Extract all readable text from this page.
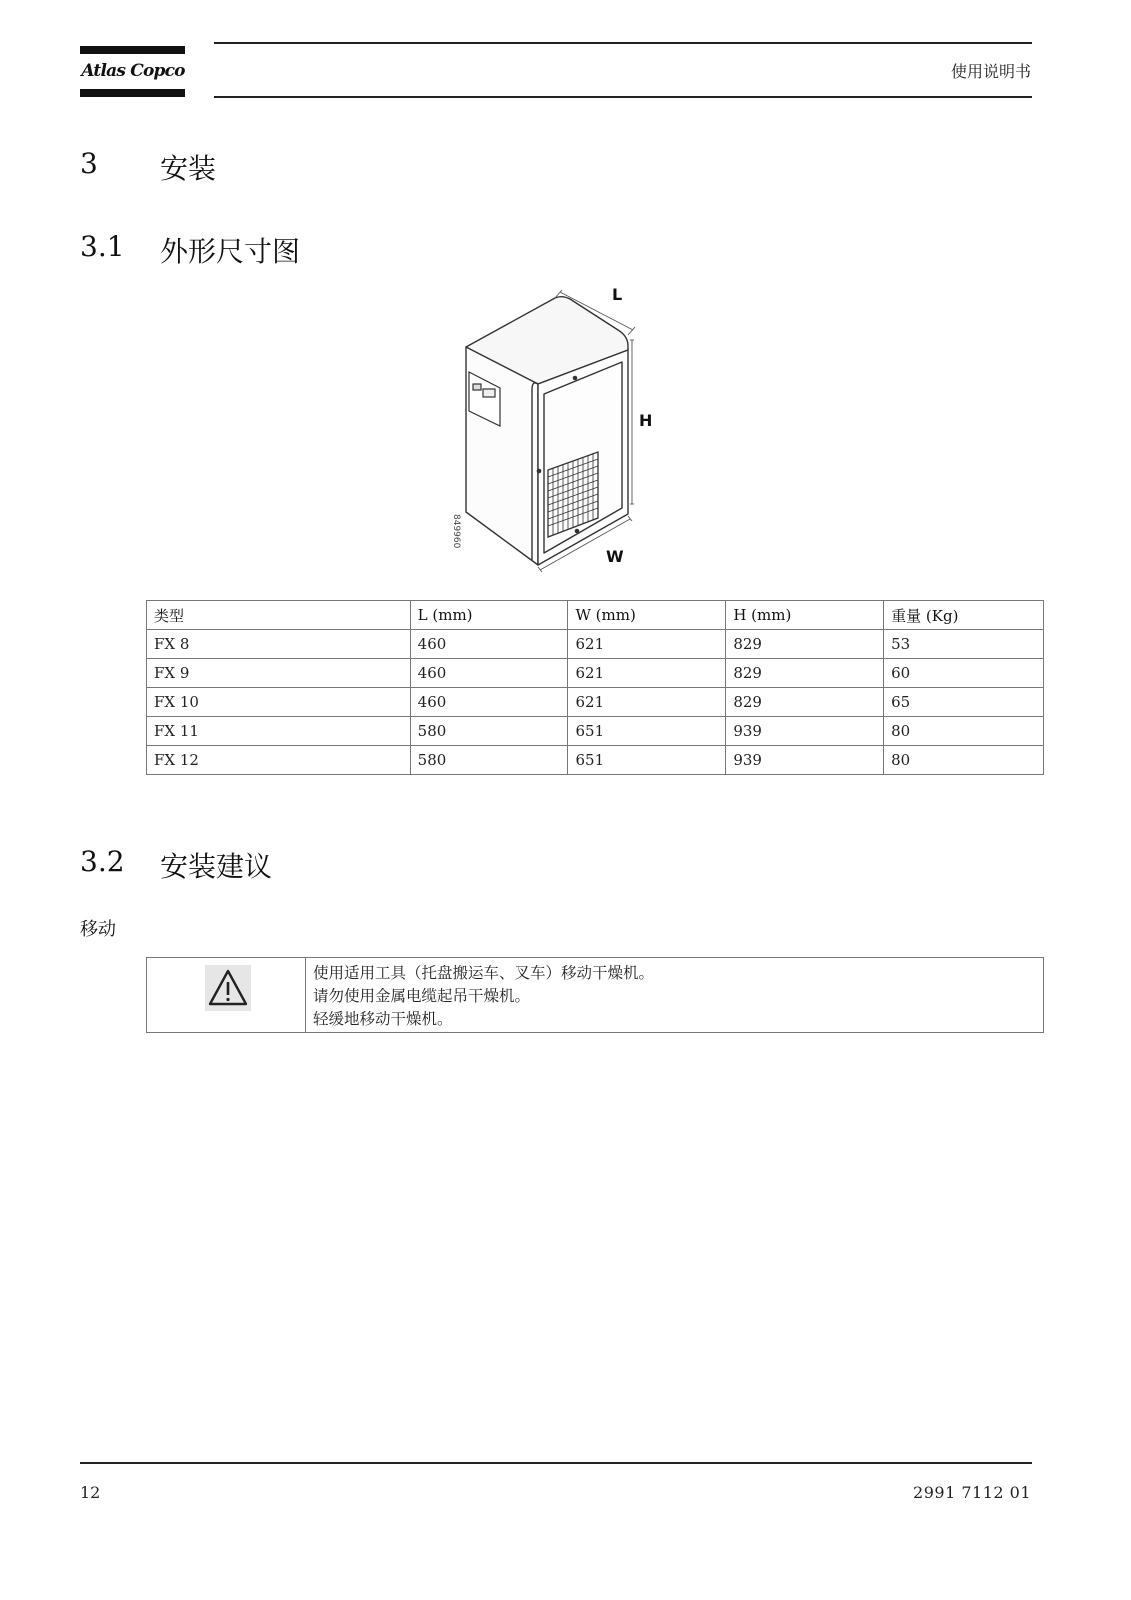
Atlas Copco	使用说明书
3 安装
3.1 外形尺寸图
L
H
W
849960
类型	L (mm)	W (mm)	H (mm)	重量 (Kg)
FX 8	460	621	829	53
FX 9	460	621	829	60
FX 10	460	621	829	65
FX 11	580	651	939	80
FX 12	580	651	939	80
3.2 安装建议
移动
使用适用工具（托盘搬运车、叉车）移动干燥机。
请勿使用金属电缆起吊干燥机。
轻缓地移动干燥机。
12	2991 7112 01
